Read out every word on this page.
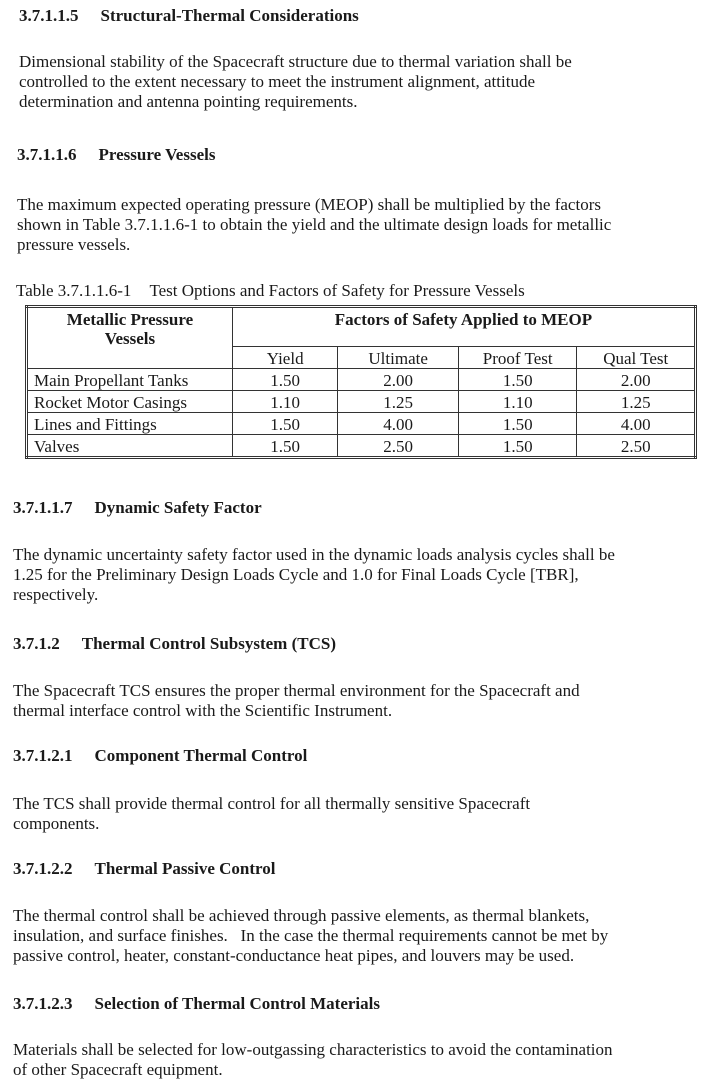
3.7.1.1.5 Structural-Thermal Considerations

Dimensional stability of the Spacecraft structure due to thermal variation shall be
controlled to the extent necessary to meet the instrument alignment, attitude
determination and antenna pointing requirements.

3.7.1.1.6 Pressure Vessels

The maximum expected operating pressure (MEOP) shall be multiplied by the factors
shown in Table 3.7.1.1.6-1 to obtain the yield and the ultimate design loads for metallic
pressure vessels.

Table 3.7.1.1.6-1 Test Options and Factors of Safety for Pressure Vessels
Metallic Pressure
Vessels	Factors of Safety Applied to MEOP			
	Yield	Ultimate	Proof Test	Qual Test
Main Propellant Tanks	1.50	2.00	1.50	2.00
Rocket Motor Casings	1.10	1.25	1.10	1.25
Lines and Fittings	1.50	4.00	1.50	4.00
Valves	1.50	2.50	1.50	2.50
3.7.1.1.7 Dynamic Safety Factor

The dynamic uncertainty safety factor used in the dynamic loads analysis cycles shall be
1.25 for the Preliminary Design Loads Cycle and 1.0 for Final Loads Cycle [TBR],
respectively.

3.7.1.2 Thermal Control Subsystem (TCS)

The Spacecraft TCS ensures the proper thermal environment for the Spacecraft and
thermal interface control with the Scientific Instrument.

3.7.1.2.1 Component Thermal Control

The TCS shall provide thermal control for all thermally sensitive Spacecraft
components.

3.7.1.2.2 Thermal Passive Control

The thermal control shall be achieved through passive elements, as thermal blankets,
insulation, and surface finishes.   In the case the thermal requirements cannot be met by
passive control, heater, constant-conductance heat pipes, and louvers may be used.

3.7.1.2.3 Selection of Thermal Control Materials

Materials shall be selected for low-outgassing characteristics to avoid the contamination
of other Spacecraft equipment.
